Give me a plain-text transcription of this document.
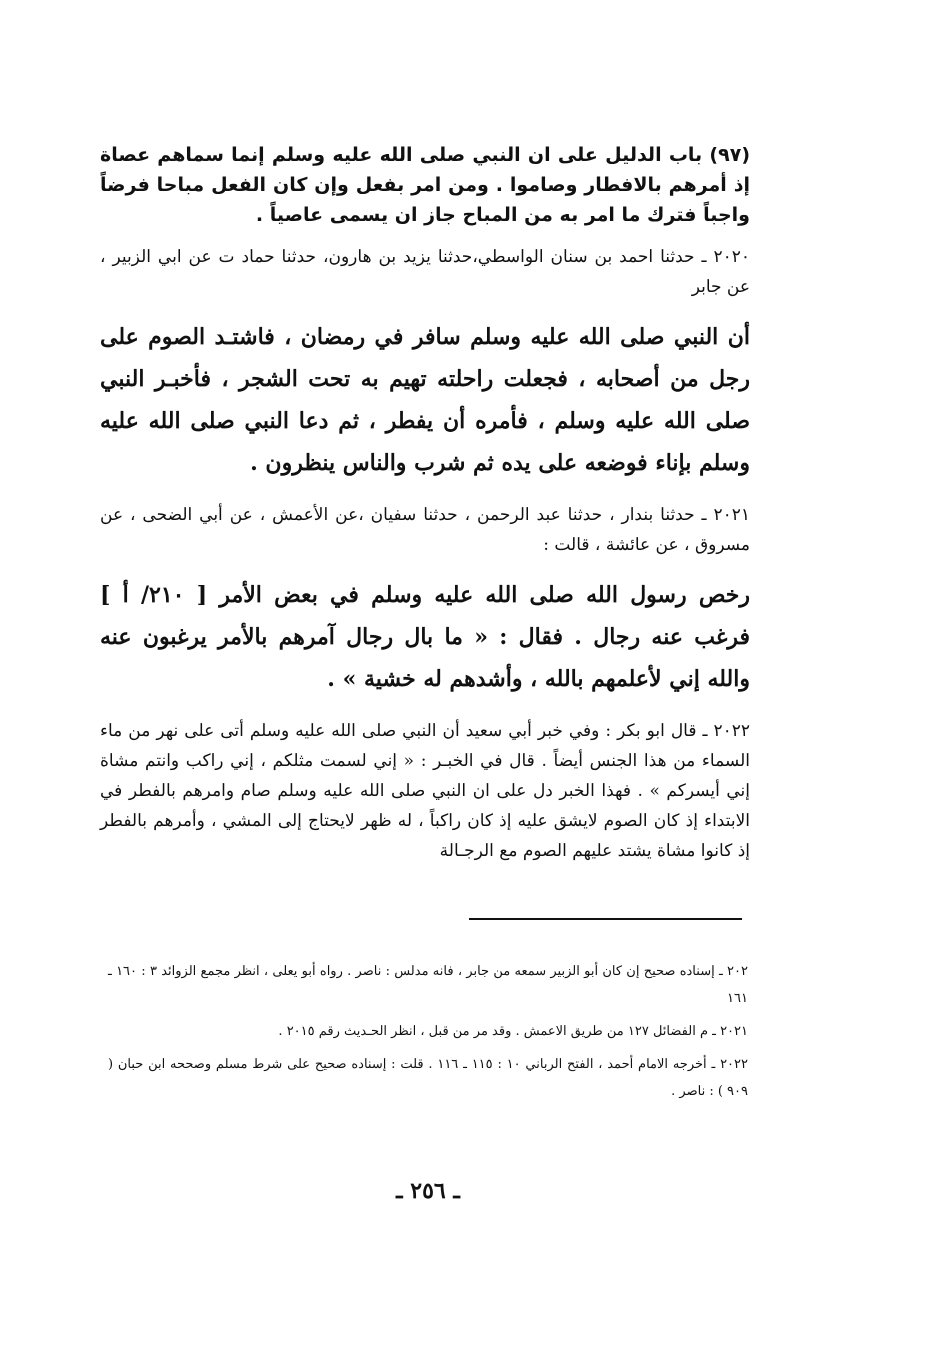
(٩٧) باب الدليل على ان النبي صلى الله عليه وسلم إنما سماهم عصاة إذ أمرهم بالافطار وصاموا . ومن امر بفعل وإن كان الفعل مباحا فرضاً واجباً فترك ما امر به من المباح جاز ان يسمى عاصياً .

٢٠٢٠ ـ حدثنا احمد بن سنان الواسطي،حدثنا يزيد بن هارون، حدثنا حماد ت عن ابي الزبير ، عن جابر

أن النبي صلى الله عليه وسلم سافر في رمضان ، فاشتـد الصوم على رجل من أصحابه ، فجعلت راحلته تهيم به تحت الشجر ، فأخبـر النبي صلى الله عليه وسلم ، فأمره أن يفطر ، ثم دعا النبي صلى الله عليه وسلم بإناء فوضعه على يده ثم شرب والناس ينظرون .

٢٠٢١ ـ حدثنا بندار ، حدثنا عبد الرحمن ، حدثنا سفيان ،عن الأعمش ، عن أبي الضحى ، عن مسروق ، عن عائشة ، قالت :

رخص رسول الله صلى الله عليه وسلم في بعض الأمر [ ٢١٠/ أ ] فرغب عنه رجال . فقال : « ما بال رجال آمرهم بالأمر يرغبون عنه والله إني لأعلمهم بالله ، وأشدهم له خشية » .

٢٠٢٢ ـ قال ابو بكر : وفي خبر أبي سعيد أن النبي صلى الله عليه وسلم أتى على نهر من ماء السماء من هذا الجنس أيضاً . قال في الخبـر : « إني لسمت مثلكم ، إني راكب وانتم مشاة إني أيسركم » . فهذا الخبر دل على ان النبي صلى الله عليه وسلم صام وامرهم بالفطر في الابتداء إذ كان الصوم لايشق عليه إذ كان راكباً ، له ظهر لايحتاج إلى المشي ، وأمرهم بالفطر إذ كانوا مشاة يشتد عليهم الصوم مع الرجـالة

٢٠٢ ـ إسناده صحيح إن كان أبو الزبير سمعه من جابر ، فانه مدلس : ناصر . رواه أبو يعلى ، انظر مجمع الزوائد ٣ : ١٦٠ ـ ١٦١

٢٠٢١ ـ م الفضائل ١٢٧ من طريق الاعمش . وقد مر من قبل ، انظر الحـديث رقم ٢٠١٥ .

٢٠٢٢ ـ أخرجه الامام أحمد ، الفتح الرباني ١٠ : ١١٥ ـ ١١٦ . قلت : إسناده صحيح على شرط مسلم وصححه ابن حبان ( ٩٠٩ ) : ناصر .

ـ ٢٥٦ ـ
